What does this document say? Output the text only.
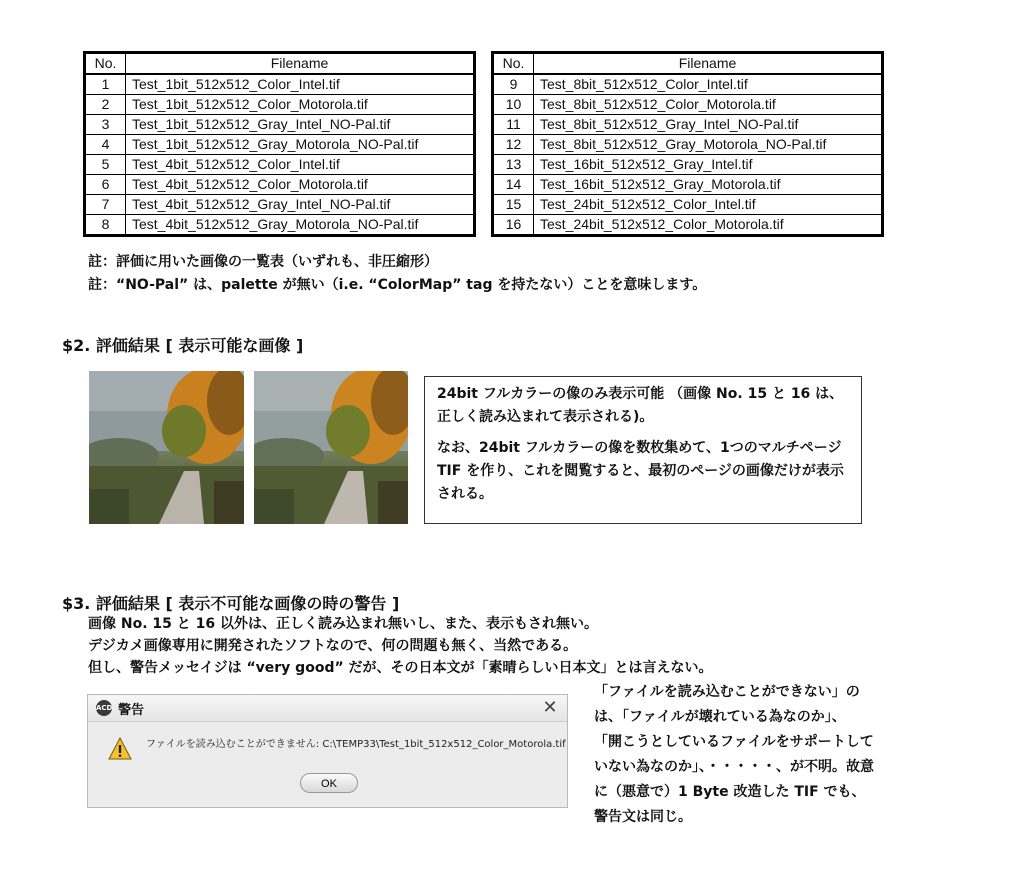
No.	Filename
1	Test_1bit_512x512_Color_Intel.tif
2	Test_1bit_512x512_Color_Motorola.tif
3	Test_1bit_512x512_Gray_Intel_NO-Pal.tif
4	Test_1bit_512x512_Gray_Motorola_NO-Pal.tif
5	Test_4bit_512x512_Color_Intel.tif
6	Test_4bit_512x512_Color_Motorola.tif
7	Test_4bit_512x512_Gray_Intel_NO-Pal.tif
8	Test_4bit_512x512_Gray_Motorola_NO-Pal.tif
No.	Filename
9	Test_8bit_512x512_Color_Intel.tif
10	Test_8bit_512x512_Color_Motorola.tif
11	Test_8bit_512x512_Gray_Intel_NO-Pal.tif
12	Test_8bit_512x512_Gray_Motorola_NO-Pal.tif
13	Test_16bit_512x512_Gray_Intel.tif
14	Test_16bit_512x512_Gray_Motorola.tif
15	Test_24bit_512x512_Color_Intel.tif
16	Test_24bit_512x512_Color_Motorola.tif
註：評価に用いた画像の一覧表（いずれも、非圧縮形）
註：“NO-Pal” は、palette が無い（i.e. “ColorMap” tag を持たない）ことを意味します。
$2. 評価結果 [ 表示可能な画像 ]

24bit フルカラーの像のみ表示可能 （画像 No. 15 と 16 は、正しく読み込まれて表示される)。

なお、24bit フルカラーの像を数枚集めて、1つのマルチページ TIF を作り、これを閲覧すると、最初のページの画像だけが表示される。

$3. 評価結果 [ 表示不可能な画像の時の警告 ]
画像 No. 15 と 16 以外は、正しく読み込まれ無いし、また、表示もされ無い。
デジカメ画像専用に開発されたソフトなので、何の問題も無く、当然である。
但し、警告メッセイジは “very good” だが、その日本文が「素晴らしい日本文」とは言えない。
ACD 警告	✕
ファイルを読み込むことができません: C:\TEMP33\Test_1bit_512x512_Color_Motorola.tif
OK
「ファイルを読み込むことができない」の
は、「ファイルが壊れている為なのか」、
「開こうとしているファイルをサポートして
いない為なのか」、・・・・・、が不明。故意
に（悪意で）1 Byte 改造した TIF でも、
警告文は同じ。
